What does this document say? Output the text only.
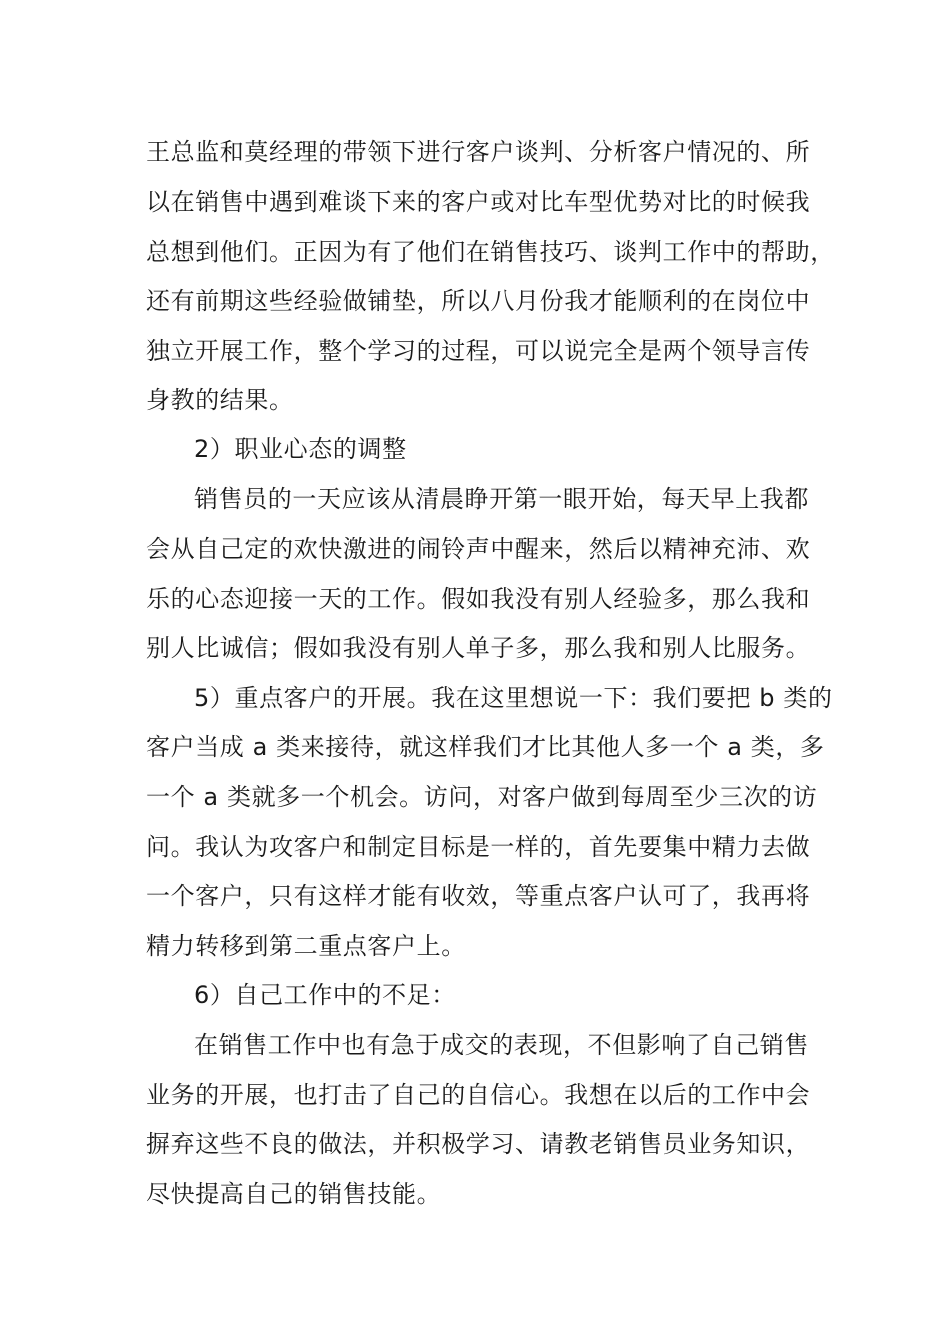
王总监和莫经理的带领下进行客户谈判、分析客户情况的、所
以在销售中遇到难谈下来的客户或对比车型优势对比的时候我
总想到他们。正因为有了他们在销售技巧、谈判工作中的帮助，
还有前期这些经验做铺垫，所以八月份我才能顺利的在岗位中
独立开展工作，整个学习的过程，可以说完全是两个领导言传
身教的结果。
2）职业心态的调整
销售员的一天应该从清晨睁开第一眼开始，每天早上我都
会从自己定的欢快激进的闹铃声中醒来，然后以精神充沛、欢
乐的心态迎接一天的工作。假如我没有别人经验多，那么我和
别人比诚信；假如我没有别人单子多，那么我和别人比服务。
5）重点客户的开展。我在这里想说一下：我们要把 b 类的
客户当成 a 类来接待，就这样我们才比其他人多一个 a 类，多
一个 a 类就多一个机会。访问，对客户做到每周至少三次的访
问。我认为攻客户和制定目标是一样的，首先要集中精力去做
一个客户，只有这样才能有收效，等重点客户认可了，我再将
精力转移到第二重点客户上。
6）自己工作中的不足：
在销售工作中也有急于成交的表现，不但影响了自己销售
业务的开展，也打击了自己的自信心。我想在以后的工作中会
摒弃这些不良的做法，并积极学习、请教老销售员业务知识，
尽快提高自己的销售技能。
